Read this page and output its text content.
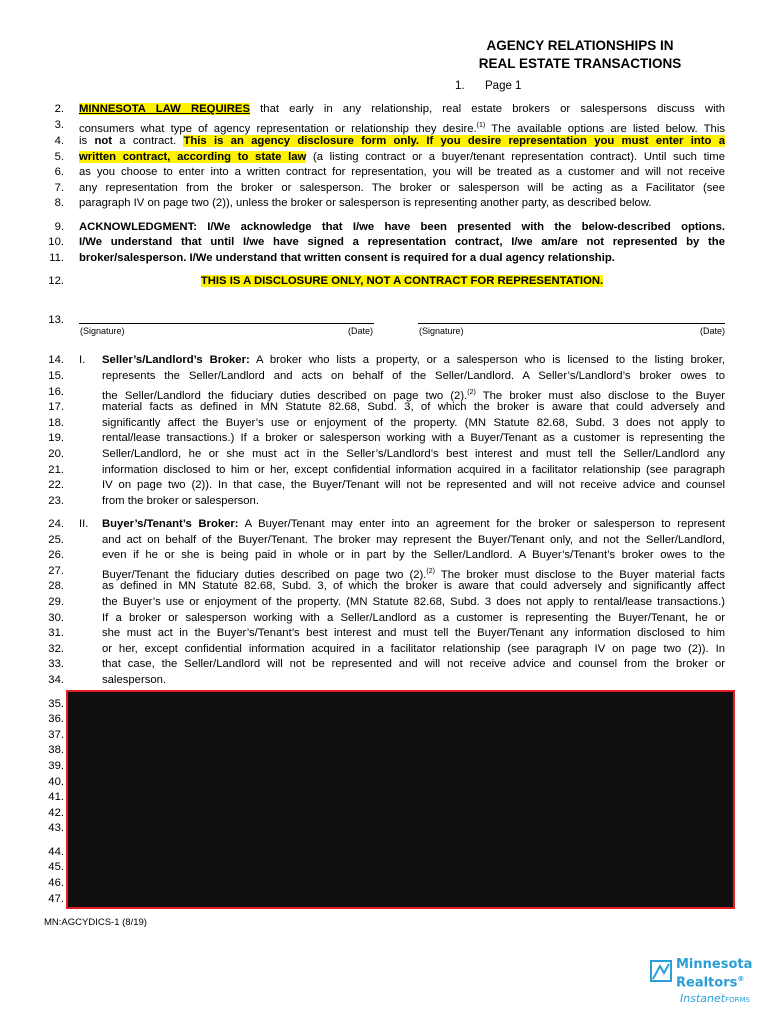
AGENCY RELATIONSHIPS IN
REAL ESTATE TRANSACTIONS
1. Page 1
2. MINNESOTA LAW REQUIRES that early in any relationship, real estate brokers or salespersons discuss with
3. consumers what type of agency representation or relationship they desire.$^{(1)}$ The available options are listed below. This
4. is not a contract. This is an agency disclosure form only. If you desire representation you must enter into a
5. written contract, according to state law (a listing contract or a buyer/tenant representation contract). Until such time
6. as you choose to enter into a written contract for representation, you will be treated as a customer and will not receive
7. any representation from the broker or salesperson. The broker or salesperson will be acting as a Facilitator (see
8. paragraph IV on page two (2)), unless the broker or salesperson is representing another party, as described below.
9. ACKNOWLEDGMENT: I/We acknowledge that I/we have been presented with the below-described options.
10. I/We understand that until I/we have signed a representation contract, I/we am/are not represented by the
11. broker/salesperson. I/We understand that written consent is required for a dual agency relationship.
12.	THIS IS A DISCLOSURE ONLY, NOT A CONTRACT FOR REPRESENTATION.
13.
14. I. Seller’s/Landlord’s Broker: A broker who lists a property, or a salesperson who is licensed to the listing broker,
15.	represents the Seller/Landlord and acts on behalf of the Seller/Landlord. A Seller’s/Landlord’s broker owes to
16.	the Seller/Landlord the fiduciary duties described on page two (2).$^{(2)}$ The broker must also disclose to the Buyer
17.	material facts as defined in MN Statute 82.68, Subd. 3, of which the broker is aware that could adversely and
18.	significantly affect the Buyer’s use or enjoyment of the property. (MN Statute 82.68, Subd. 3 does not apply to
19.	rental/lease transactions.) If a broker or salesperson working with a Buyer/Tenant as a customer is representing the
20.	Seller/Landlord, he or she must act in the Seller’s/Landlord’s best interest and must tell the Seller/Landlord any
21.	information disclosed to him or her, except confidential information acquired in a facilitator relationship (see paragraph
22.	IV on page two (2)). In that case, the Buyer/Tenant will not be represented and will not receive advice and counsel
23.	from the broker or salesperson.
24. II. Buyer’s/Tenant’s Broker: A Buyer/Tenant may enter into an agreement for the broker or salesperson to represent
25.	and act on behalf of the Buyer/Tenant. The broker may represent the Buyer/Tenant only, and not the Seller/Landlord,
26.	even if he or she is being paid in whole or in part by the Seller/Landlord. A Buyer’s/Tenant’s broker owes to the
27.	Buyer/Tenant the fiduciary duties described on page two (2).$^{(2)}$ The broker must disclose to the Buyer material facts
28.	as defined in MN Statute 82.68, Subd. 3, of which the broker is aware that could adversely and significantly affect
29.	the Buyer’s use or enjoyment of the property. (MN Statute 82.68, Subd. 3 does not apply to rental/lease transactions.)
30.	If a broker or salesperson working with a Seller/Landlord as a customer is representing the Buyer/Tenant, he or
31.	she must act in the Buyer’s/Tenant’s best interest and must tell the Buyer/Tenant any information disclosed to him
32.	or her, except confidential information acquired in a facilitator relationship (see paragraph IV on page two (2)). In
33.	that case, the Seller/Landlord will not be represented and will not receive advice and counsel from the broker or
34.	salesperson.
35.
36.
37.
38.
39.
40.
41.
42.
43.
44.
45.
46.
47.
(Signature)	(Date)	(Signature)	(Date)
MN:AGCYDICS-1 (8/19)
Minnesota
Realtors®
InstanetFORMS
